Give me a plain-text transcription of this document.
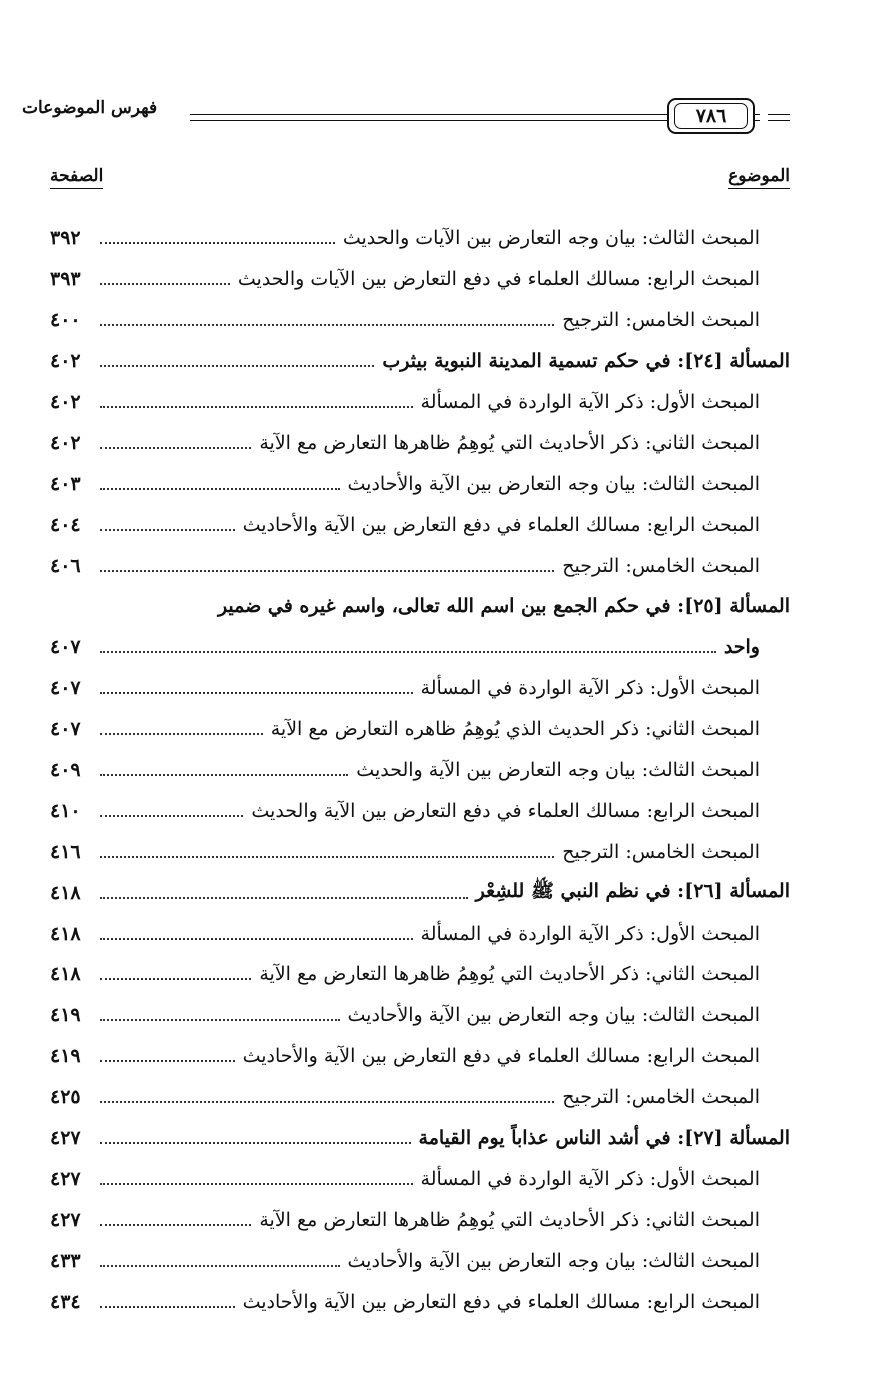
فهرس الموضوعات	٧٨٦
الموضوع
الصفحة
المبحث الثالث: بيان وجه التعارض بين الآيات والحديث
٣٩٢
المبحث الرابع: مسالك العلماء في دفع التعارض بين الآيات والحديث
٣٩٣
المبحث الخامس: الترجيح
٤٠٠
المسألة [٢٤]: في حكم تسمية المدينة النبوية بيثرب
٤٠٢
المبحث الأول: ذكر الآية الواردة في المسألة
٤٠٢
المبحث الثاني: ذكر الأحاديث التي يُوهِمُ ظاهرها التعارض مع الآية
٤٠٢
المبحث الثالث: بيان وجه التعارض بين الآية والأحاديث
٤٠٣
المبحث الرابع: مسالك العلماء في دفع التعارض بين الآية والأحاديث
٤٠٤
المبحث الخامس: الترجيح
٤٠٦
المسألة [٢٥]: في حكم الجمع بين اسم الله تعالى، واسم غيره في ضمير
واحد
٤٠٧
المبحث الأول: ذكر الآية الواردة في المسألة
٤٠٧
المبحث الثاني: ذكر الحديث الذي يُوهِمُ ظاهره التعارض مع الآية
٤٠٧
المبحث الثالث: بيان وجه التعارض بين الآية والحديث
٤٠٩
المبحث الرابع: مسالك العلماء في دفع التعارض بين الآية والحديث
٤١٠
المبحث الخامس: الترجيح
٤١٦
المسألة [٢٦]: في نظم النبي ﷺ للشِعْر
٤١٨
المبحث الأول: ذكر الآية الواردة في المسألة
٤١٨
المبحث الثاني: ذكر الأحاديث التي يُوهِمُ ظاهرها التعارض مع الآية
٤١٨
المبحث الثالث: بيان وجه التعارض بين الآية والأحاديث
٤١٩
المبحث الرابع: مسالك العلماء في دفع التعارض بين الآية والأحاديث
٤١٩
المبحث الخامس: الترجيح
٤٢٥
المسألة [٢٧]: في أشد الناس عذاباً يوم القيامة
٤٢٧
المبحث الأول: ذكر الآية الواردة في المسألة
٤٢٧
المبحث الثاني: ذكر الأحاديث التي يُوهِمُ ظاهرها التعارض مع الآية
٤٢٧
المبحث الثالث: بيان وجه التعارض بين الآية والأحاديث
٤٣٣
المبحث الرابع: مسالك العلماء في دفع التعارض بين الآية والأحاديث
٤٣٤
